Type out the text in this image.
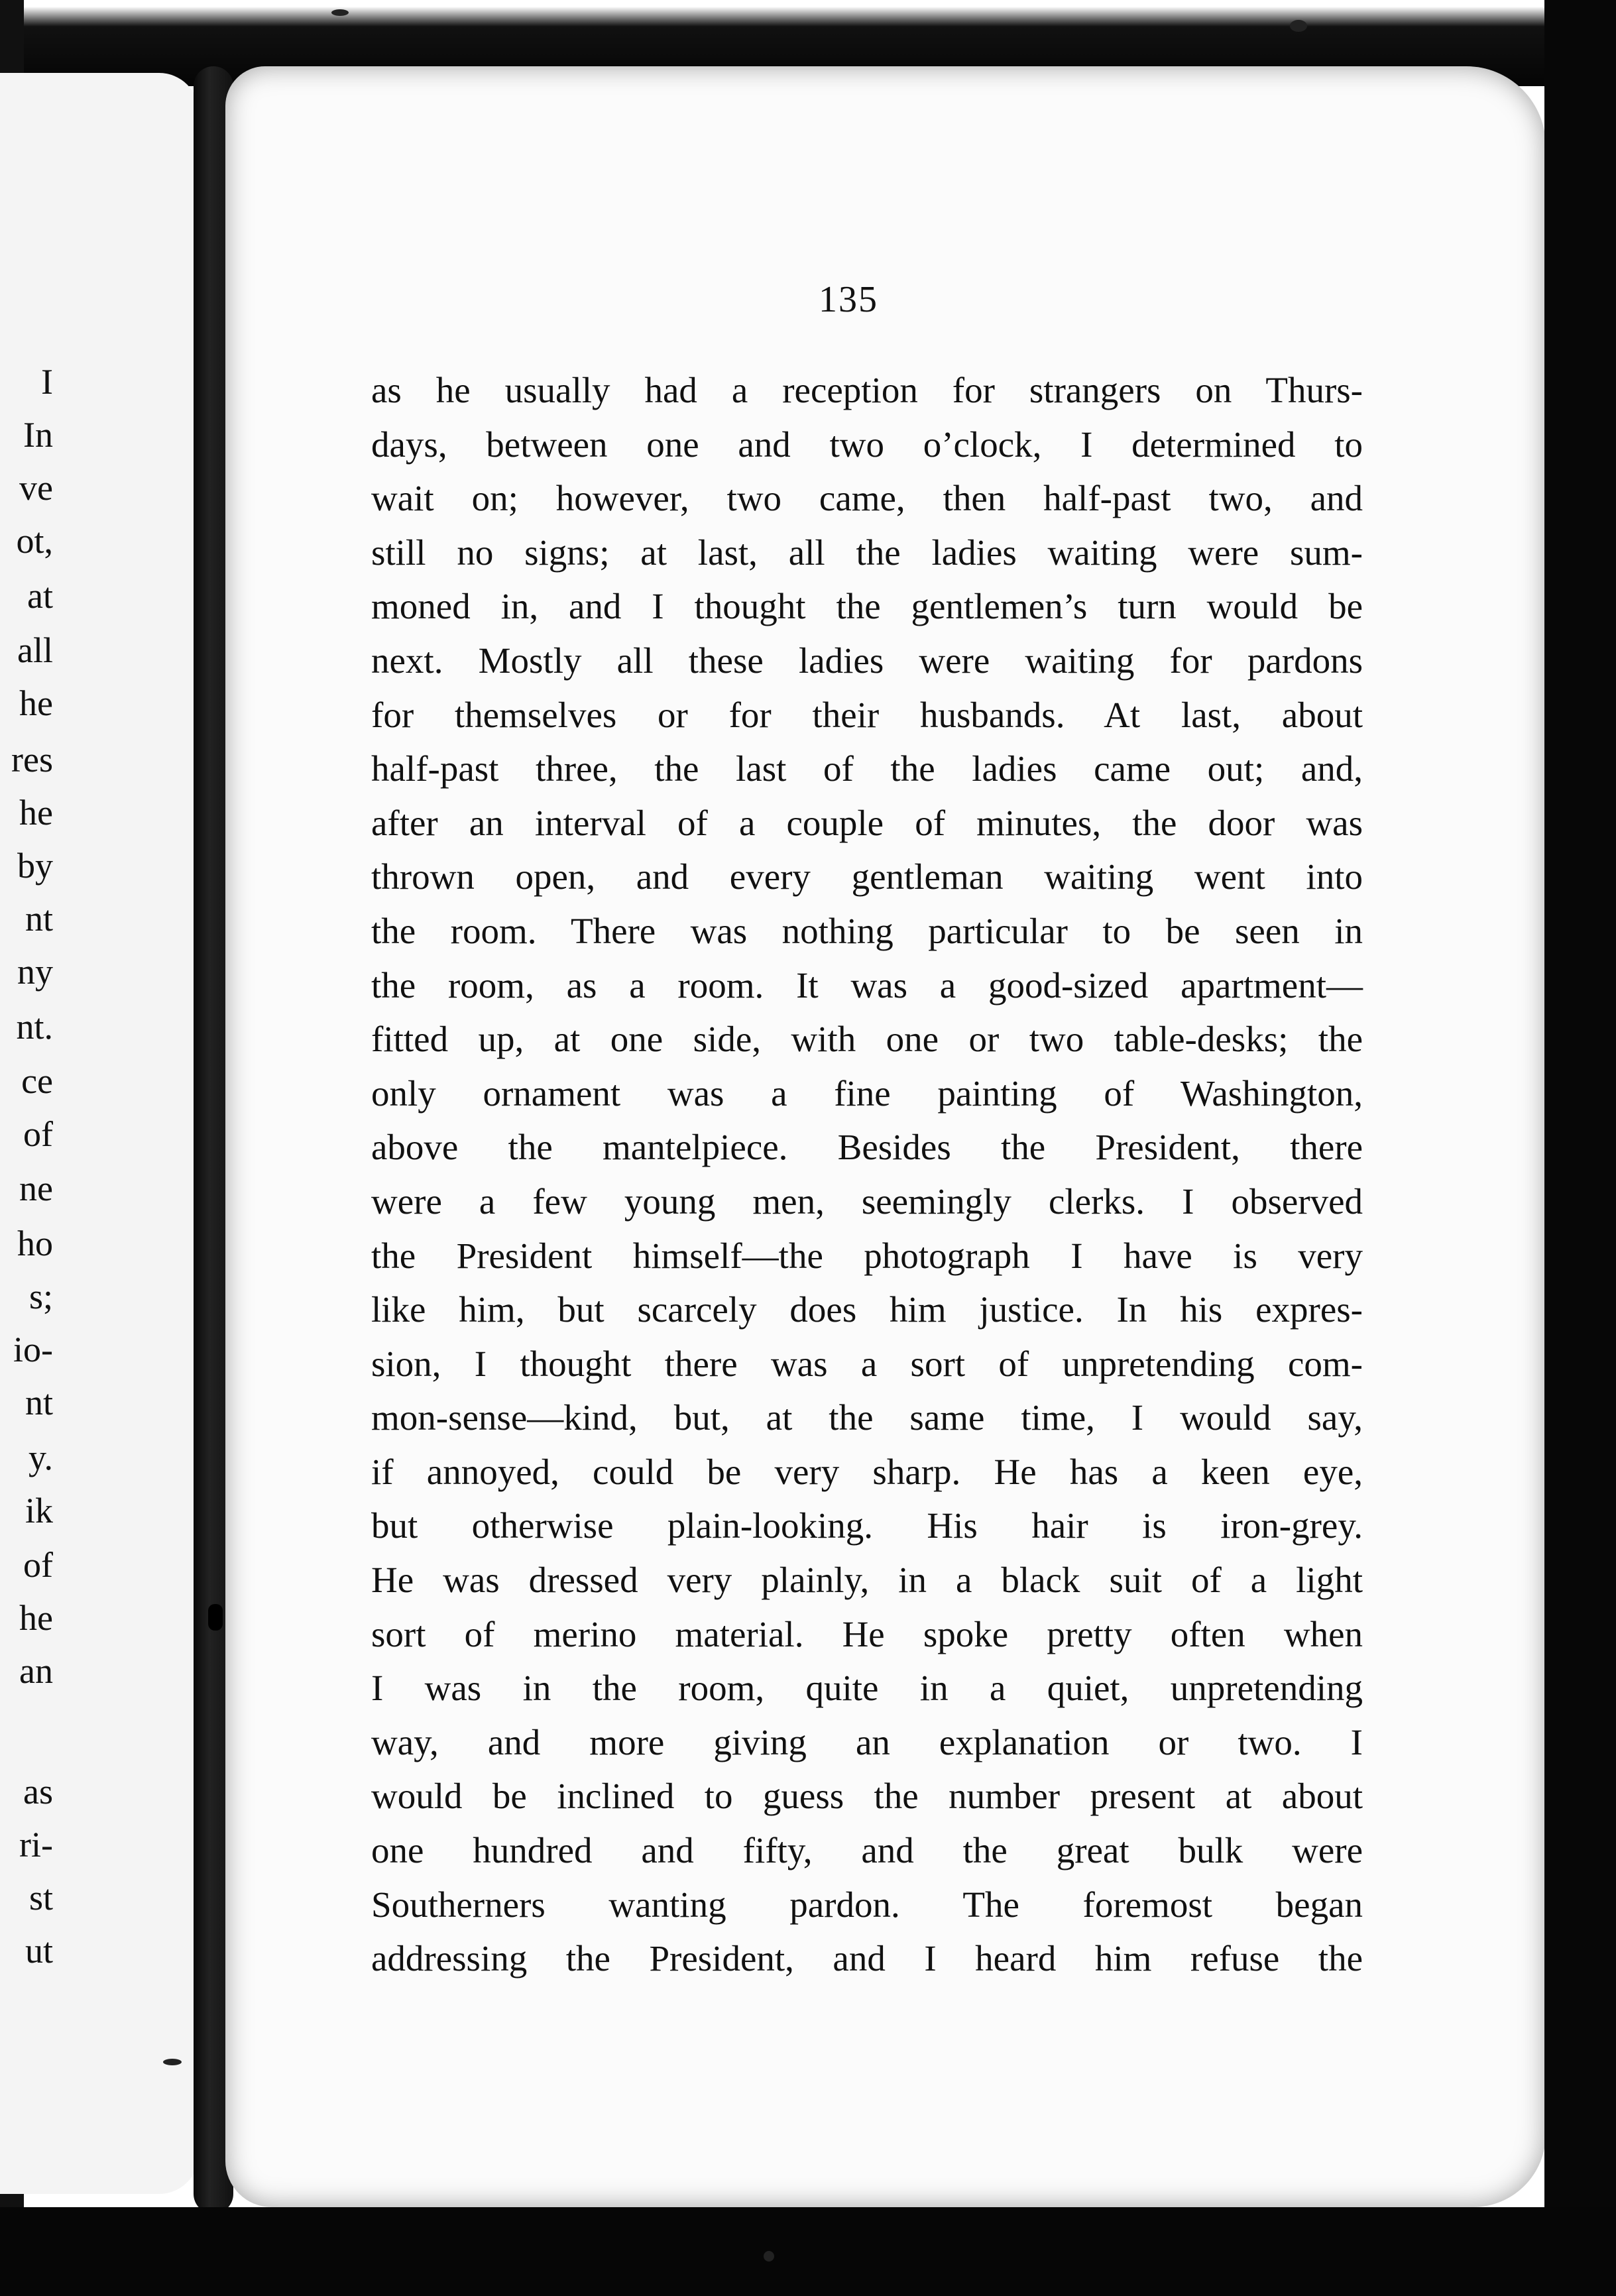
I
In
ve
ot,
at
all
he
res
he
by
nt
ny
nt.
ce
of
ne
ho
s;
io-
nt
y.
ik
of
he
an
as
ri-
st
ut
135
as he usually had a reception for strangers on Thurs-
days, between one and two o’clock, I determined to
wait on; however, two came, then half-past two, and
still no signs; at last, all the ladies waiting were sum-
moned in, and I thought the gentlemen’s turn would be
next. Mostly all these ladies were waiting for pardons
for themselves or for their husbands. At last, about
half-past three, the last of the ladies came out; and,
after an interval of a couple of minutes, the door was
thrown open, and every gentleman waiting went into
the room. There was nothing particular to be seen in
the room, as a room. It was a good-sized apartment—
fitted up, at one side, with one or two table-desks; the
only ornament was a fine painting of Washington,
above the mantelpiece. Besides the President, there
were a few young men, seemingly clerks. I observed
the President himself—the photograph I have is very
like him, but scarcely does him justice. In his expres-
sion, I thought there was a sort of unpretending com-
mon-sense—kind, but, at the same time, I would say,
if annoyed, could be very sharp. He has a keen eye,
but otherwise plain-looking. His hair is iron-grey.
He was dressed very plainly, in a black suit of a light
sort of merino material. He spoke pretty often when
I was in the room, quite in a quiet, unpretending
way, and more giving an explanation or two. I
would be inclined to guess the number present at about
one hundred and fifty, and the great bulk were
Southerners wanting pardon. The foremost began
addressing the President, and I heard him refuse the
